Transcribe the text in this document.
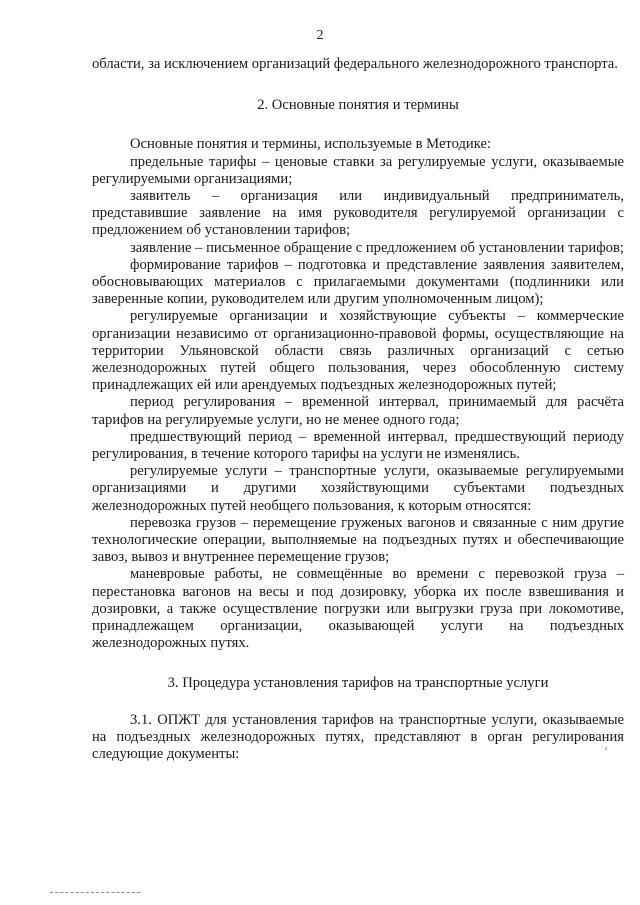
2

области, за исключением организаций федерального железнодорожного транспорта.

2. Основные понятия и термины

Основные понятия и термины, используемые в Методике:

предельные тарифы – ценовые ставки за регулируемые услуги, оказываемые регулируемыми организациями;

заявитель – организация или индивидуальный предприниматель, представившие заявление на имя руководителя регулируемой организации с предложением об установлении тарифов;

заявление – письменное обращение с предложением об установлении тарифов;

формирование тарифов – подготовка и представление заявления заявителем, обосновывающих материалов с прилагаемыми документами (подлинники или заверенные копии, руководителем или другим уполномоченным лицом);

регулируемые организации и хозяйствующие субъекты – коммерческие организации независимо от организационно-правовой формы, осуществляющие на территории Ульяновской области связь различных организаций с сетью железнодорожных путей общего пользования, через обособленную систему принадлежащих ей или арендуемых подъездных железнодорожных путей;

период регулирования – временной интервал, принимаемый для расчёта тарифов на регулируемые услуги, но не менее одного года;

предшествующий период – временной интервал, предшествующий периоду регулирования, в течение которого тарифы на услуги не изменялись.

регулируемые услуги – транспортные услуги, оказываемые регулируемыми организациями и другими хозяйствующими субъектами подъездных железнодорожных путей необщего пользования, к которым относятся:

перевозка грузов – перемещение груженых вагонов и связанные с ним другие технологические операции, выполняемые на подъездных путях и обеспечивающие завоз, вывоз и внутреннее перемещение грузов;

маневровые работы, не совмещённые во времени с перевозкой груза – перестановка вагонов на весы и под дозировку, уборка их после взвешивания и дозировки, а также осуществление погрузки или выгрузки груза при локомотиве, принадлежащем организации, оказывающей услуги на подъездных железнодорожных путях.

3. Процедура установления тарифов на транспортные услуги

3.1. ОПЖТ для установления тарифов на транспортные услуги, оказываемые на подъездных железнодорожных путях, представляют в орган регулирования следующие документы:	‘
